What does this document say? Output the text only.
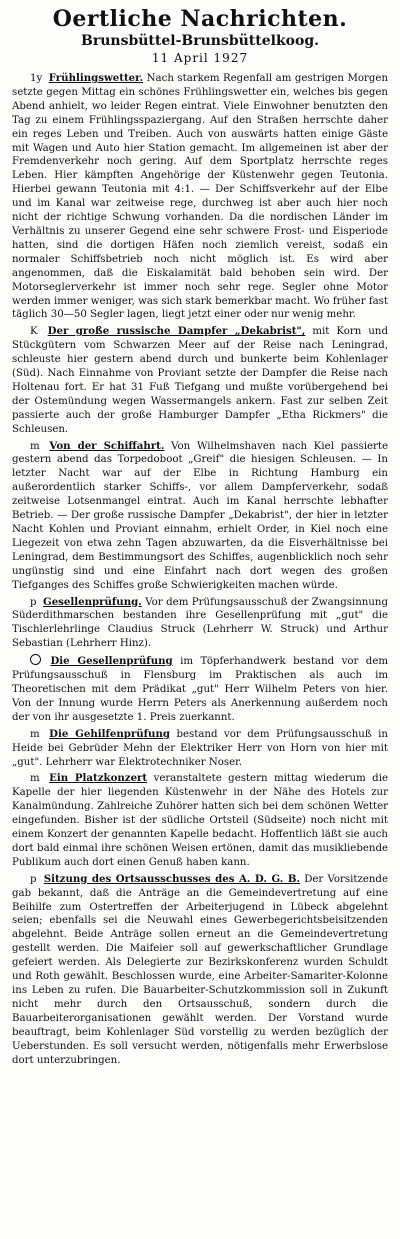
Oertliche Nachrichten.
Brunsbüttel-Brunsbüttelkoog.
11 April 1927

1y Frühlingswetter. Nach starkem Regenfall am gestrigen Morgen setzte gegen Mittag ein schönes Frühlingswetter ein, welches bis gegen Abend anhielt, wo leider Regen eintrat. Viele Einwohner benutzten den Tag zu einem Frühlingsspaziergang. Auf den Straßen herrschte daher ein reges Leben und Treiben. Auch von auswärts hatten einige Gäste mit Wagen und Auto hier Station gemacht. Im allgemeinen ist aber der Fremdenverkehr noch gering. Auf dem Sportplatz herrschte reges Leben. Hier kämpften Angehörige der Küstenwehr gegen Teutonia. Hierbei gewann Teutonia mit 4:1. — Der Schiffsverkehr auf der Elbe und im Kanal war zeitweise rege, durchweg ist aber auch hier noch nicht der richtige Schwung vorhanden. Da die nordischen Länder im Verhältnis zu unserer Gegend eine sehr schwere Frost- und Eisperiode hatten, sind die dortigen Häfen noch ziemlich vereist, sodaß ein normaler Schiffsbetrieb noch nicht möglich ist. Es wird aber angenommen, daß die Eiskalamität bald behoben sein wird. Der Motorseglerverkehr ist immer noch sehr rege. Segler ohne Motor werden immer weniger, was sich stark bemerkbar macht. Wo früher fast täglich 30—50 Segler lagen, liegt jetzt einer oder nur wenig mehr.

K Der große russische Dampfer „Dekabrist", mit Korn und Stückgütern vom Schwarzen Meer auf der Reise nach Leningrad, schleuste hier gestern abend durch und bunkerte beim Kohlenlager (Süd). Nach Einnahme von Proviant setzte der Dampfer die Reise nach Holtenau fort. Er hat 31 Fuß Tiefgang und mußte vorübergehend bei der Ostemündung wegen Wassermangels ankern. Fast zur selben Zeit passierte auch der große Hamburger Dampfer „Etha Rickmers" die Schleusen.

m Von der Schiffahrt. Von Wilhelmshaven nach Kiel passierte gestern abend das Torpedoboot „Greif" die hiesigen Schleusen. — In letzter Nacht war auf der Elbe in Richtung Hamburg ein außerordentlich starker Schiffs-, vor allem Dampferverkehr, sodaß zeitweise Lotsenmangel eintrat. Auch im Kanal herrschte lebhafter Betrieb. — Der große russische Dampfer „Dekabrist", der hier in letzter Nacht Kohlen und Proviant einnahm, erhielt Order, in Kiel noch eine Liegezeit von etwa zehn Tagen abzuwarten, da die Eisverhältnisse bei Leningrad, dem Bestimmungsort des Schiffes, augenblicklich noch sehr ungünstig sind und eine Einfahrt nach dort wegen des großen Tiefganges des Schiffes große Schwierigkeiten machen würde.

p Gesellenprüfung. Vor dem Prüfungsausschuß der Zwangsinnung Süderdithmarschen bestanden ihre Gesellenprüfung mit „gut" die Tischlerlehrlinge Claudius Struck (Lehrherr W. Struck) und Arthur Sebastian (Lehrherr Hinz).

Die Gesellenprüfung im Töpferhandwerk bestand vor dem Prüfungsausschuß in Flensburg im Praktischen als auch im Theoretischen mit dem Prädikat „gut" Herr Wilhelm Peters von hier. Von der Innung wurde Herrn Peters als Anerkennung außerdem noch der von ihr ausgesetzte 1. Preis zuerkannt.

m Die Gehilfenprüfung bestand vor dem Prüfungsausschuß in Heide bei Gebrüder Mehn der Elektriker Herr von Horn von hier mit „gut". Lehrherr war Elektrotechniker Noser.

m Ein Platzkonzert veranstaltete gestern mittag wiederum die Kapelle der hier liegenden Küstenwehr in der Nähe des Hotels zur Kanalmündung. Zahlreiche Zuhörer hatten sich bei dem schönen Wetter eingefunden. Bisher ist der südliche Ortsteil (Südseite) noch nicht mit einem Konzert der genannten Kapelle bedacht. Hoffentlich läßt sie auch dort bald einmal ihre schönen Weisen ertönen, damit das musikliebende Publikum auch dort einen Genuß haben kann.

p Sitzung des Ortsausschusses des A. D. G. B. Der Vorsitzende gab bekannt, daß die Anträge an die Gemeindevertretung auf eine Beihilfe zum Ostertreffen der Arbeiterjugend in Lübeck abgelehnt seien; ebenfalls sei die Neuwahl eines Gewerbegerichtsbeisitzenden abgelehnt. Beide Anträge sollen erneut an die Gemeindevertretung gestellt werden. Die Maifeier soll auf gewerkschaftlicher Grundlage gefeiert werden. Als Delegierte zur Bezirkskonferenz wurden Schuldt und Roth gewählt. Beschlossen wurde, eine Arbeiter-Samariter-Kolonne ins Leben zu rufen. Die Bauarbeiter-Schutzkommission soll in Zukunft nicht mehr durch den Ortsausschuß, sondern durch die Bauarbeiterorganisationen gewählt werden. Der Vorstand wurde beauftragt, beim Kohlenlager Süd vorstellig zu werden bezüglich der Ueberstunden. Es soll versucht werden, nötigenfalls mehr Erwerbslose dort unterzubringen.
